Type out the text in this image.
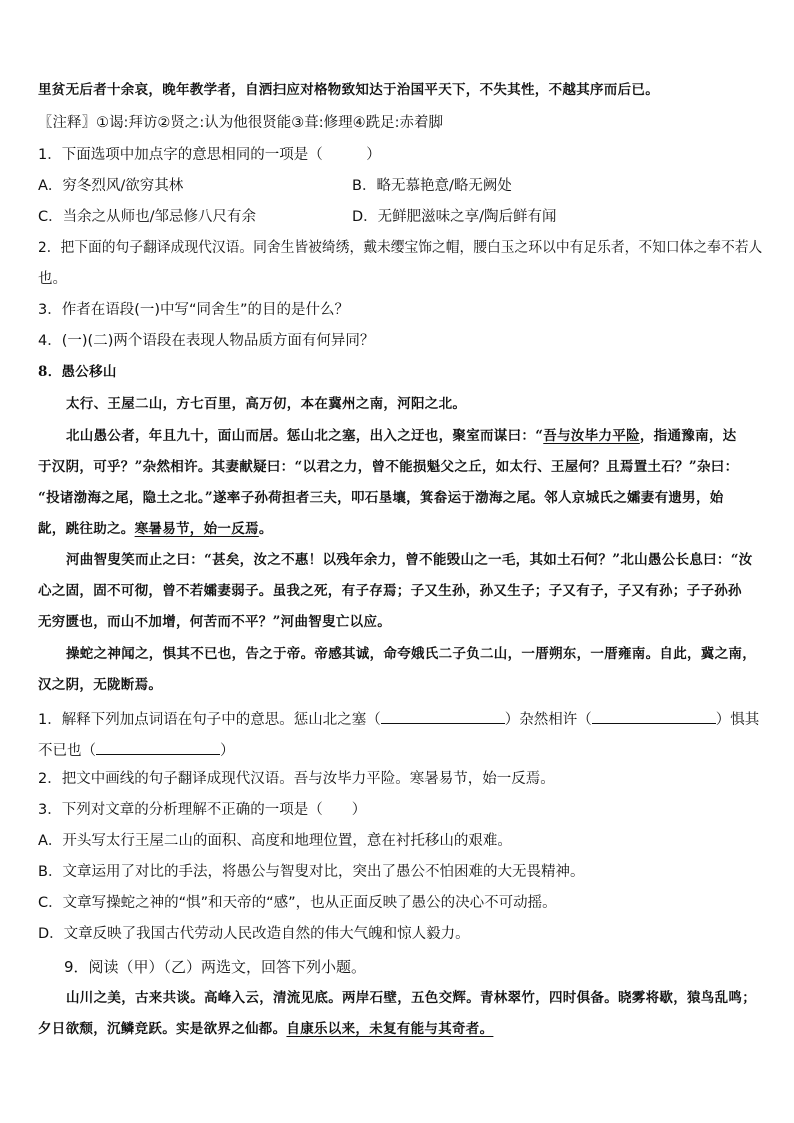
里贫无后者十余哀，晚年教学者，自洒扫应对格物致知达于治国平天下，不失其性，不越其序而后已。
〖注释〗①谒:拜访②贤之:认为他很贤能③葺:修理④跣足:赤着脚
1．下面选项中加点字的意思相同的一项是（　　　）
A．穷冬烈风/欲穷其林	B．略无慕艳意/略无阙处
C．当余之从师也/邹忌修八尺有余	D．无鲜肥滋味之享/陶后鲜有闻
2．把下面的句子翻译成现代汉语。同舍生皆被绮绣，戴未缨宝饰之帽，腰白玉之环以中有足乐者，不知口体之奉不若人
也。
3．作者在语段(一)中写“同舍生”的目的是什么？
4．(一)(二)两个语段在表现人物品质方面有何异同？
8．愚公移山
太行、王屋二山，方七百里，高万仞，本在冀州之南，河阳之北。
北山愚公者，年且九十，面山而居。惩山北之塞，出入之迂也，聚室而谋曰：“吾与汝毕力平险，指通豫南，达
于汉阴，可乎？”杂然相许。其妻献疑曰：“以君之力，曾不能损魁父之丘，如太行、王屋何？且焉置土石？”杂曰：
“投诸渤海之尾，隐土之北。”遂率子孙荷担者三夫，叩石垦壤，箕畚运于渤海之尾。邻人京城氏之孀妻有遗男，始
龀，跳往助之。寒暑易节，始一反焉。
河曲智叟笑而止之曰：“甚矣，汝之不惠！以残年余力，曾不能毁山之一毛，其如土石何？”北山愚公长息曰：“汝
心之固，固不可彻，曾不若孀妻弱子。虽我之死，有子存焉；子又生孙，孙又生子；子又有子，子又有孙；子子孙孙
无穷匮也，而山不加增，何苦而不平？”河曲智叟亡以应。
操蛇之神闻之，惧其不已也，告之于帝。帝感其诚，命夸娥氏二子负二山，一厝朔东，一厝雍南。自此，冀之南，
汉之阴，无陇断焉。
1．解释下列加点词语在句子中的意思。惩山北之塞（	）杂然相许（	）惧其
不已也（	）
2．把文中画线的句子翻译成现代汉语。吾与汝毕力平险。寒暑易节，始一反焉。
3．下列对文章的分析理解不正确的一项是（　　）
A．开头写太行王屋二山的面积、高度和地理位置，意在衬托移山的艰难。
B．文章运用了对比的手法，将愚公与智叟对比，突出了愚公不怕困难的大无畏精神。
C．文章写操蛇之神的“惧”和天帝的“感”，也从正面反映了愚公的决心不可动摇。
D．文章反映了我国古代劳动人民改造自然的伟大气魄和惊人毅力。
9．阅读（甲）（乙）两选文，回答下列小题。
山川之美，古来共谈。高峰入云，清流见底。两岸石壁，五色交辉。青林翠竹，四时俱备。晓雾将歇，猿鸟乱鸣；
夕日欲颓，沉鳞竞跃。实是欲界之仙都。自康乐以来，未复有能与其奇者。
